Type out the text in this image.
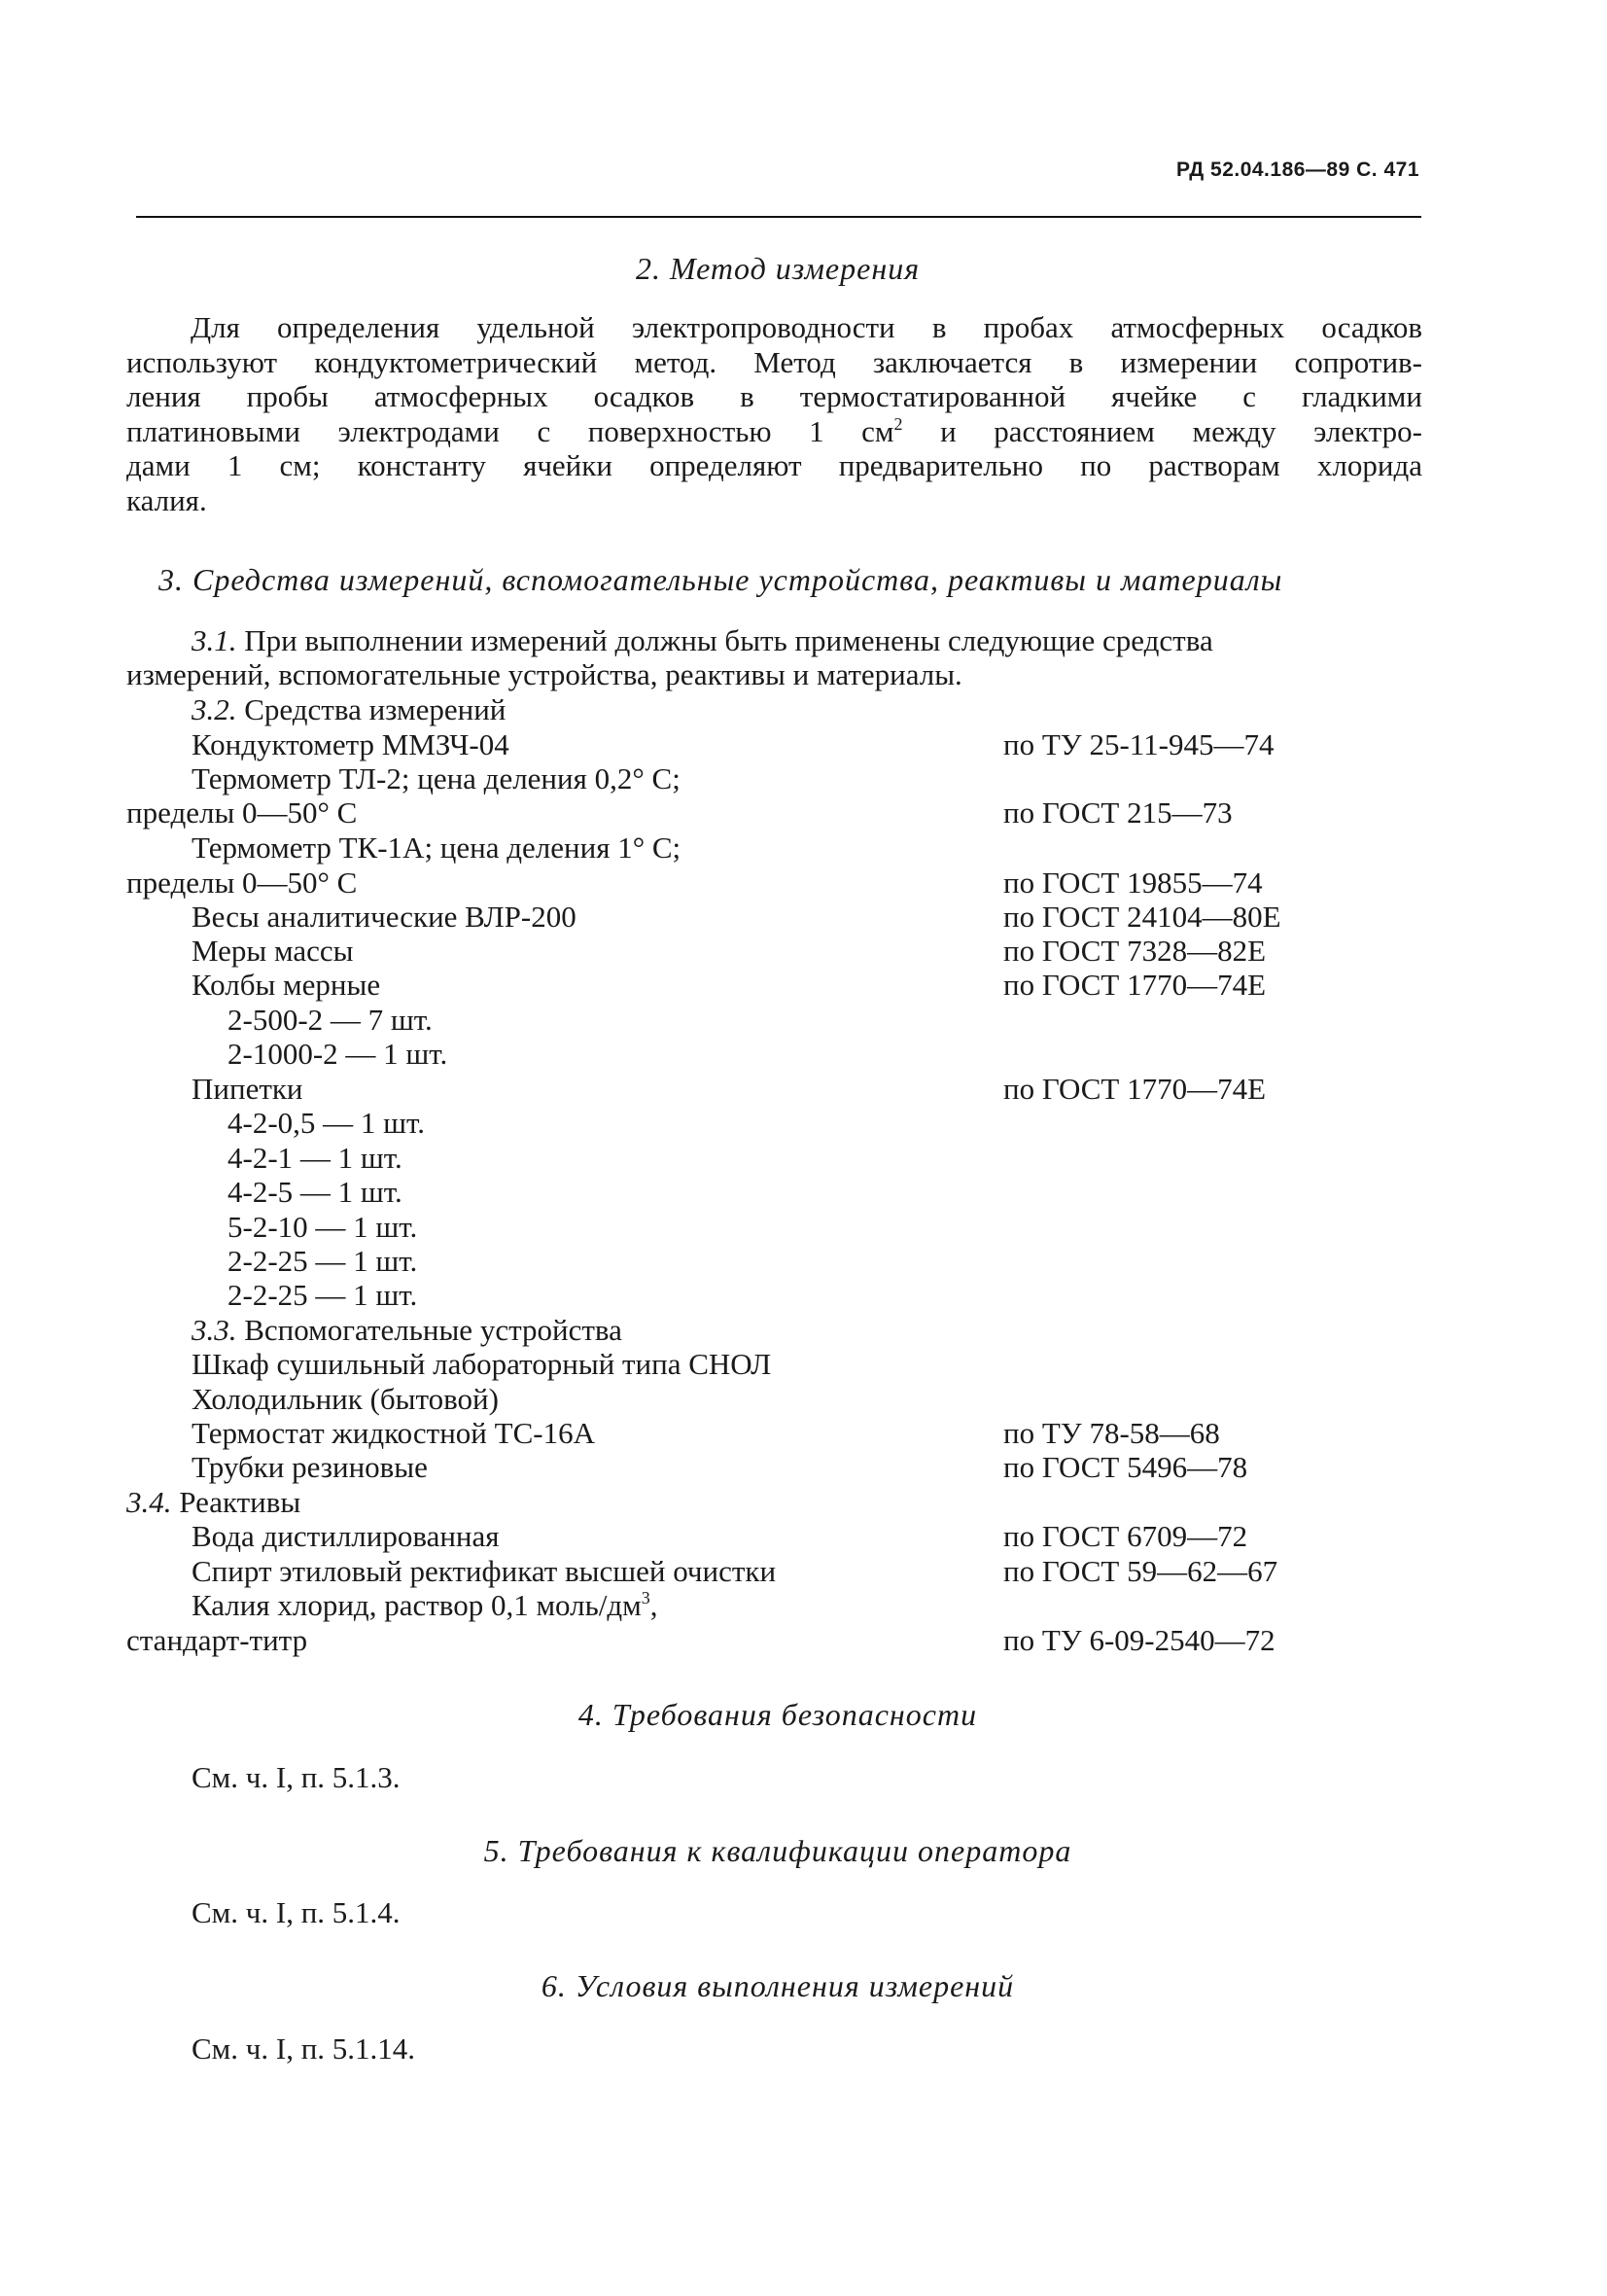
РД 52.04.186—89 С. 471
2. Метод измерения
Для определения удельной электропроводности в пробах атмосферных осадков
используют кондуктометрический метод. Метод заключается в измерении сопротив-
ления пробы атмосферных осадков в термостатированной ячейке с гладкими
платиновыми электродами с поверхностью 1 $см^2$ и расстоянием между электро-
дами 1 см; константу ячейки определяют предварительно по растворам хлорида
калия.
3. Средства измерений, вспомогательные устройства, реактивы и материалы
3.1. При выполнении измерений должны быть применены следующие средства
измерений, вспомогательные устройства, реактивы и материалы.
3.2. Средства измерений
Кондуктометр ММЗЧ-04	по ТУ 25-11-945—74
Термометр ТЛ-2; цена деления 0,2° С;
пределы 0—50° С	по ГОСТ 215—73
Термометр ТК-1А; цена деления 1° С;
пределы 0—50° С	по ГОСТ 19855—74
Весы аналитические ВЛР-200	по ГОСТ 24104—80Е
Меры массы	по ГОСТ 7328—82Е
Колбы мерные	по ГОСТ 1770—74Е
2-500-2 — 7 шт.
2-1000-2 — 1 шт.
Пипетки	по ГОСТ 1770—74Е
4-2-0,5 — 1 шт.
4-2-1 — 1 шт.
4-2-5 — 1 шт.
5-2-10 — 1 шт.
2-2-25 — 1 шт.
2-2-25 — 1 шт.
3.3. Вспомогательные устройства
Шкаф сушильный лабораторный типа СНОЛ
Холодильник (бытовой)
Термостат жидкостной ТС-16А	по ТУ 78-58—68
Трубки резиновые	по ГОСТ 5496—78
3.4. Реактивы
Вода дистиллированная	по ГОСТ 6709—72
Спирт этиловый ректификат высшей очистки	по ГОСТ 59—62—67
Калия хлорид, раствор 0,1 моль/$дм^3$,
стандарт-титр	по ТУ 6-09-2540—72
4. Требования безопасности
См. ч. I, п. 5.1.3.
5. Требования к квалификации оператора
См. ч. I, п. 5.1.4.
6. Условия выполнения измерений
См. ч. I, п. 5.1.14.
